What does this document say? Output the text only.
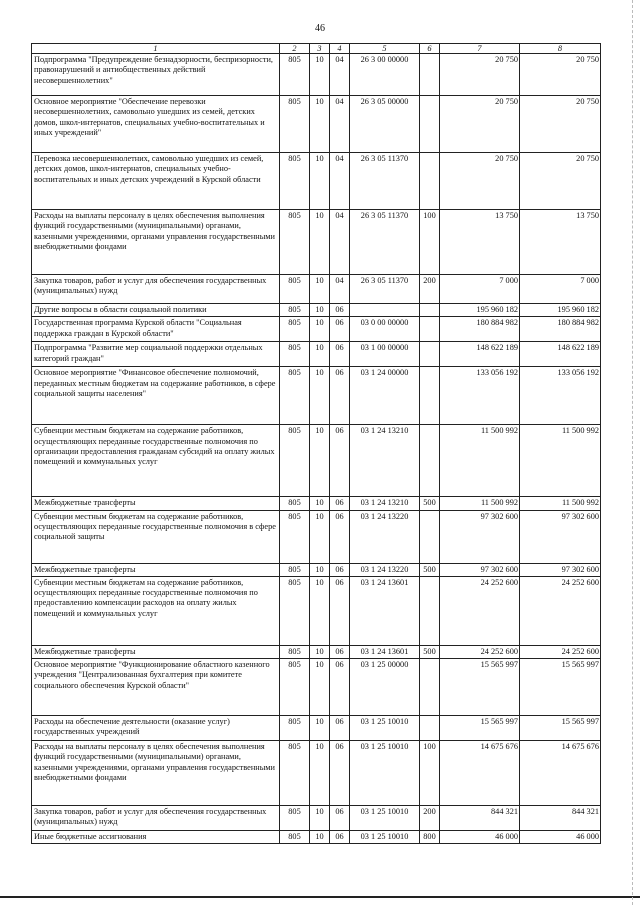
46
1	2	3	4	5	6	7	8
Подпрограмма "Предупреждение безнадзорности, беспризорности, правонарушений и антиобщественных действий несовершеннолетних"	805	10	04	26 3 00 00000		20 750	20 750
Основное мероприятие "Обеспечение перевозки несовершеннолетних, самовольно ушедших из семей, детских домов, школ-интернатов, специальных учебно-воспитательных и иных учреждений"	805	10	04	26 3 05 00000		20 750	20 750
Перевозка несовершеннолетних, самовольно ушедших из семей, детских домов, школ-интернатов, специальных учебно-воспитательных и иных детских учреждений в Курской области	805	10	04	26 3 05 11370		20 750	20 750
Расходы на выплаты персоналу в целях обеспечения выполнения функций государственными (муниципальными) органами, казенными учреждениями, органами управления государственными внебюджетными фондами	805	10	04	26 3 05 11370	100	13 750	13 750
Закупка товаров, работ и услуг для обеспечения государственных (муниципальных) нужд	805	10	04	26 3 05 11370	200	7 000	7 000
Другие вопросы в области социальной политики	805	10	06			195 960 182	195 960 182
Государственная программа Курской области "Социальная поддержка граждан в Курской области"	805	10	06	03 0 00 00000		180 884 982	180 884 982
Подпрограмма "Развитие мер социальной поддержки отдельных категорий граждан"	805	10	06	03 1 00 00000		148 622 189	148 622 189
Основное мероприятие "Финансовое обеспечение полномочий, переданных местным бюджетам на содержание работников, в сфере социальной защиты населения"	805	10	06	03 1 24 00000		133 056 192	133 056 192
Субвенции местным бюджетам на содержание работников, осуществляющих переданные государственные полномочия по организации предоставления гражданам субсидий на оплату жилых помещений и коммунальных услуг	805	10	06	03 1 24 13210		11 500 992	11 500 992
Межбюджетные трансферты	805	10	06	03 1 24 13210	500	11 500 992	11 500 992
Субвенции местным бюджетам на содержание работников, осуществляющих переданные государственные полномочия в сфере социальной защиты	805	10	06	03 1 24 13220		97 302 600	97 302 600
Межбюджетные трансферты	805	10	06	03 1 24 13220	500	97 302 600	97 302 600
Субвенции местным бюджетам на содержание работников, осуществляющих переданные государственные полномочия по предоставлению компенсации расходов на оплату жилых помещений и коммунальных услуг	805	10	06	03 1 24 13601		24 252 600	24 252 600
Межбюджетные трансферты	805	10	06	03 1 24 13601	500	24 252 600	24 252 600
Основное мероприятие "Функционирование областного казенного учреждения "Централизованная бухгалтерия при комитете социального обеспечения Курской области"	805	10	06	03 1 25 00000		15 565 997	15 565 997
Расходы на обеспечение деятельности (оказание услуг) государственных учреждений	805	10	06	03 1 25 10010		15 565 997	15 565 997
Расходы на выплаты персоналу в целях обеспечения выполнения функций государственными (муниципальными) органами, казенными учреждениями, органами управления государственными внебюджетными фондами	805	10	06	03 1 25 10010	100	14 675 676	14 675 676
Закупка товаров, работ и услуг для обеспечения государственных (муниципальных) нужд	805	10	06	03 1 25 10010	200	844 321	844 321
Иные бюджетные ассигнования	805	10	06	03 1 25 10010	800	46 000	46 000
